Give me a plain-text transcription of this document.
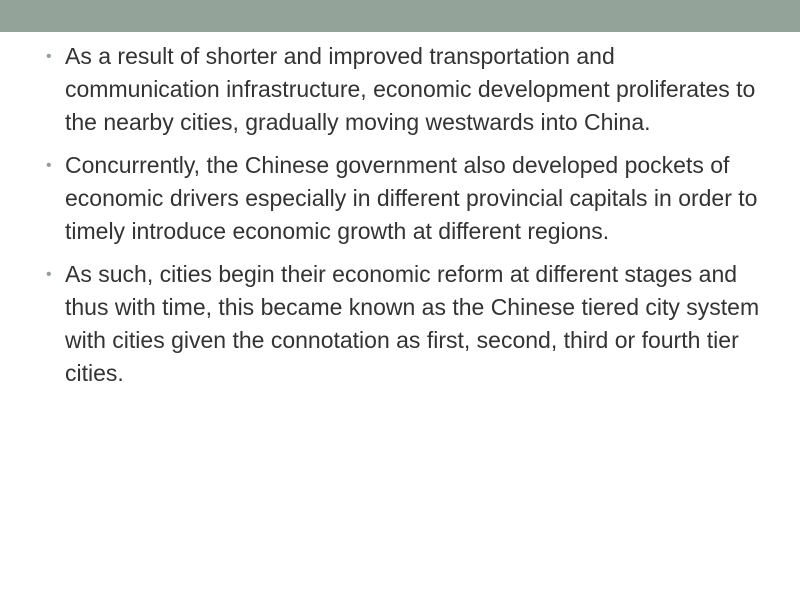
• As a result of shorter and improved transportation and communication infrastructure, economic development proliferates to the nearby cities, gradually moving westwards into China.
• Concurrently, the Chinese government also developed pockets of economic drivers especially in different provincial capitals in order to timely introduce economic growth at different regions.
• As such, cities begin their economic reform at different stages and thus with time, this became known as the Chinese tiered city system with cities given the connotation as first, second, third or fourth tier cities.
